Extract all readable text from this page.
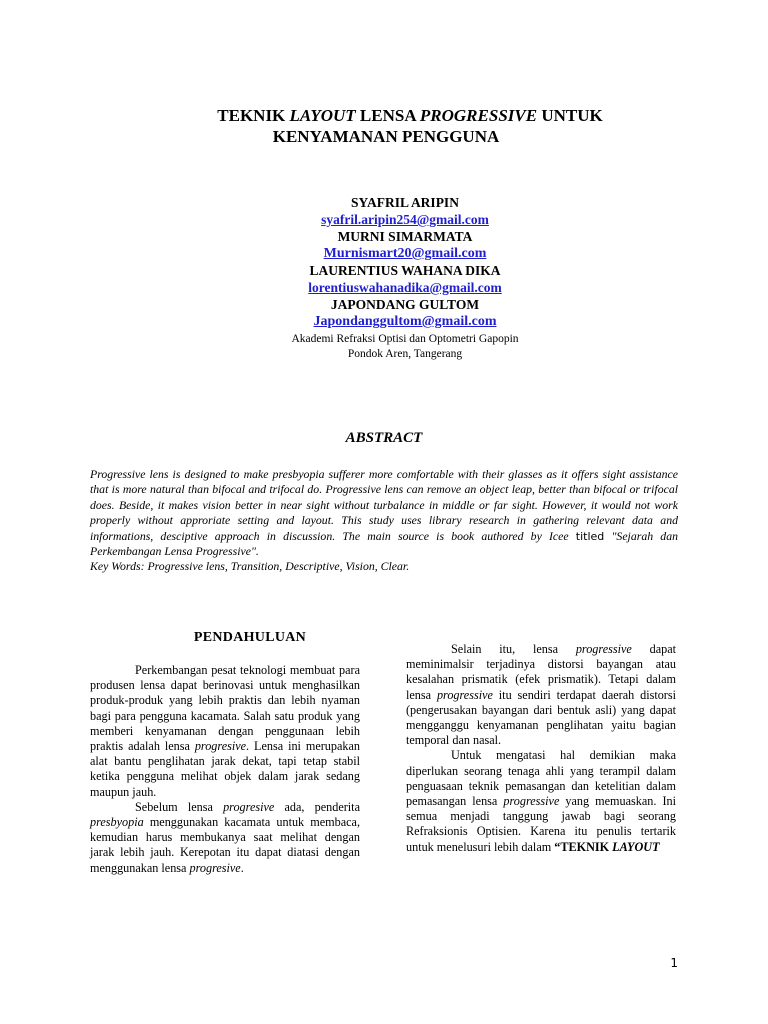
TEKNIK LAYOUT LENSA PROGRESSIVE UNTUK
KENYAMANAN PENGGUNA
SYAFRIL ARIPIN
syafril.aripin254@gmail.com
MURNI SIMARMATA
Murnismart20@gmail.com
LAURENTIUS WAHANA DIKA
lorentiuswahanadika@gmail.com
JAPONDANG GULTOM
Japondanggultom@gmail.com
Akademi Refraksi Optisi dan Optometri Gapopin
Pondok Aren, Tangerang
ABSTRACT
Progressive lens is designed to make presbyopia sufferer more comfortable with their glasses as it offers sight assistance that is more natural than bifocal and trifocal do. Progressive lens can remove an object leap, better than bifocal or trifocal does. Beside, it makes vision better in near sight without turbalance in middle or far sight. However, it would not work properly without approriate setting and layout. This study uses library research in gathering relevant data and informations, desciptive approach in discussion. The main source is book authored by Icee titled "Sejarah dan Perkembangan Lensa Progressive".
Key Words: Progressive lens, Transition, Descriptive, Vision, Clear.
PENDAHULUAN

Perkembangan pesat teknologi membuat para produsen lensa dapat berinovasi untuk menghasilkan produk-produk yang lebih praktis dan lebih nyaman bagi para pengguna kacamata. Salah satu produk yang memberi kenyamanan dengan penggunaan lebih praktis adalah lensa progresive. Lensa ini merupakan alat bantu penglihatan jarak dekat, tapi tetap stabil ketika pengguna melihat objek dalam jarak sedang maupun jauh.

Sebelum lensa progresive ada, penderita presbyopia menggunakan kacamata untuk membaca, kemudian harus membukanya saat melihat dengan jarak lebih jauh. Kerepotan itu dapat diatasi dengan menggunakan lensa progresive.

Selain itu, lensa progressive dapat meminimalsir terjadinya distorsi bayangan atau kesalahan prismatik (efek prismatik). Tetapi dalam lensa progressive itu sendiri terdapat daerah distorsi (pengerusakan bayangan dari bentuk asli) yang dapat mengganggu kenyamanan penglihatan yaitu bagian temporal dan nasal.

Untuk mengatasi hal demikian maka diperlukan seorang tenaga ahli yang terampil dalam penguasaan teknik pemasangan dan ketelitian dalam pemasangan lensa progressive yang memuaskan. Ini semua menjadi tanggung jawab bagi seorang Refraksionis Optisien. Karena itu penulis tertarik untuk menelusuri lebih dalam “TEKNIK LAYOUT

1
